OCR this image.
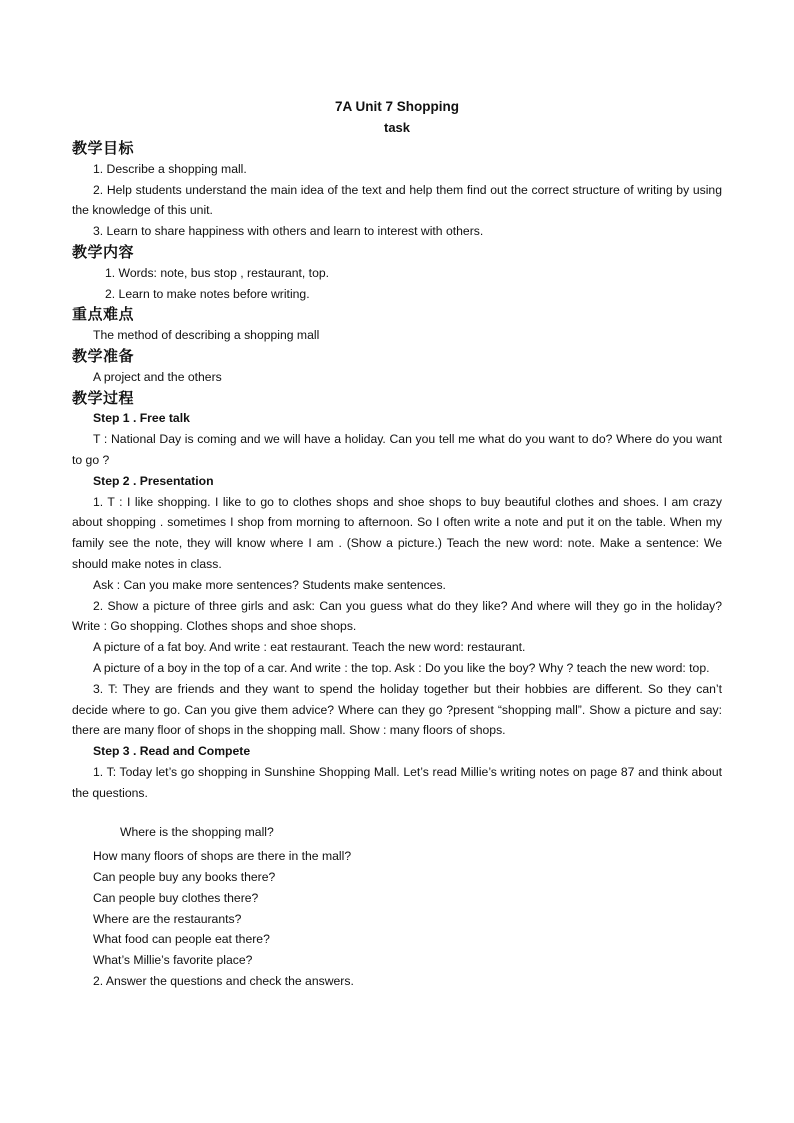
7A Unit 7 Shopping
task
教学目标
1. Describe a shopping mall.
2. Help students understand the main idea of the text and help them find out the correct structure of writing by using the knowledge of this unit.
3. Learn to share happiness with others and learn to interest with others.
教学内容
1. Words: note, bus stop , restaurant, top.
2. Learn to make notes before writing.
重点难点
The method of describing a shopping mall
教学准备
A project and the others
教学过程
Step 1 . Free talk
T : National Day is coming and we will have a holiday. Can you tell me what do you want to do? Where do you want to go ?
Step 2 . Presentation
1. T : I like shopping. I like to go to clothes shops and shoe shops to buy beautiful clothes and shoes. I am crazy about shopping . sometimes I shop from morning to afternoon. So I often write a note and put it on the table. When my family see the note, they will know where I am . (Show a picture.) Teach the new word: note. Make a sentence: We should make notes in class.
Ask : Can you make more sentences? Students make sentences.
2. Show a picture of three girls and ask: Can you guess what do they like? And where will they go in the holiday? Write : Go shopping. Clothes shops and shoe shops.
A picture of a fat boy. And write : eat restaurant. Teach the new word: restaurant.
A picture of a boy in the top of a car. And write : the top. Ask : Do you like the boy? Why ? teach the new word: top.
3. T: They are friends and they want to spend the holiday together but their hobbies are different. So they can’t decide where to go. Can you give them advice? Where can they go ?present “shopping mall”. Show a picture and say: there are many floor of shops in the shopping mall. Show : many floors of shops.
Step 3 . Read and Compete
1. T: Today let’s go shopping in Sunshine Shopping Mall. Let’s read Millie’s writing notes on page 87 and think about the questions.
Where is the shopping mall?
How many floors of shops are there in the mall?
Can people buy any books there?
Can people buy clothes there?
Where are the restaurants?
What food can people eat there?
What’s Millie’s favorite place?
2. Answer the questions and check the answers.
